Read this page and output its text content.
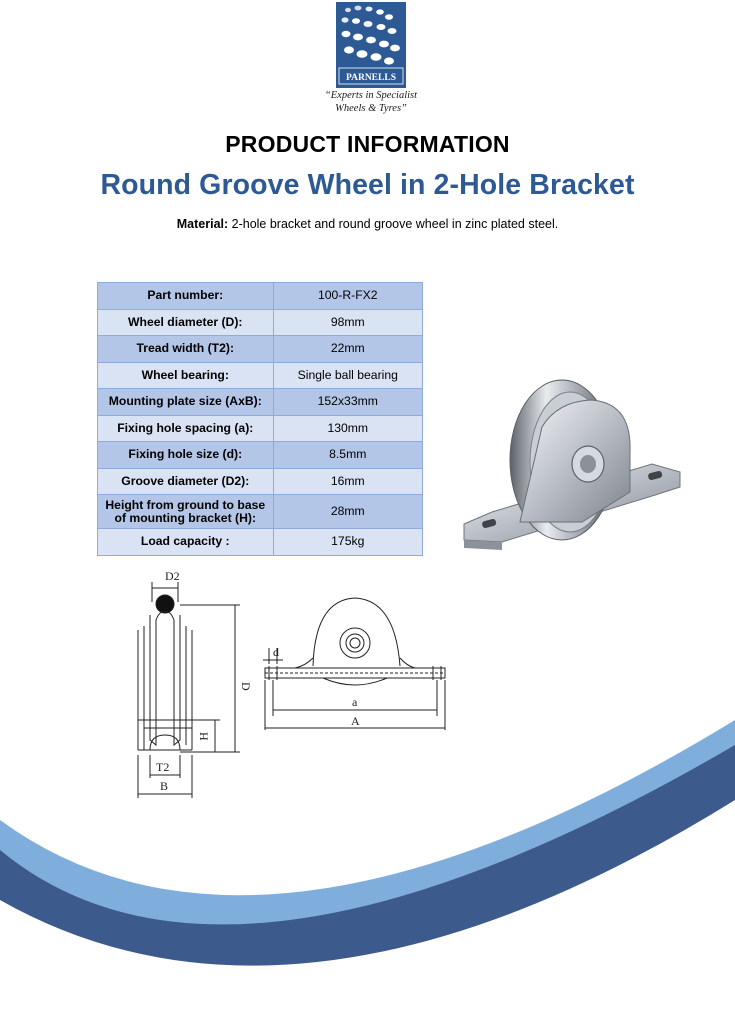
PARNELLS
“Experts in Specialist
Wheels & Tyres”
PRODUCT INFORMATION
Round Groove Wheel in 2-Hole Bracket
Material: 2-hole bracket and round groove wheel in zinc plated steel.
Part number:	100-R-FX2
Wheel diameter (D):	98mm
Tread width (T2):	22mm
Wheel bearing:	Single ball bearing
Mounting plate size (AxB):	152x33mm
Fixing hole spacing (a):	130mm
Fixing hole size (d):	8.5mm
Groove diameter (D2):	16mm
Height from ground to base of mounting bracket (H):	28mm
Load capacity :	175kg
D2
D
H
T2
B
d
a
A
